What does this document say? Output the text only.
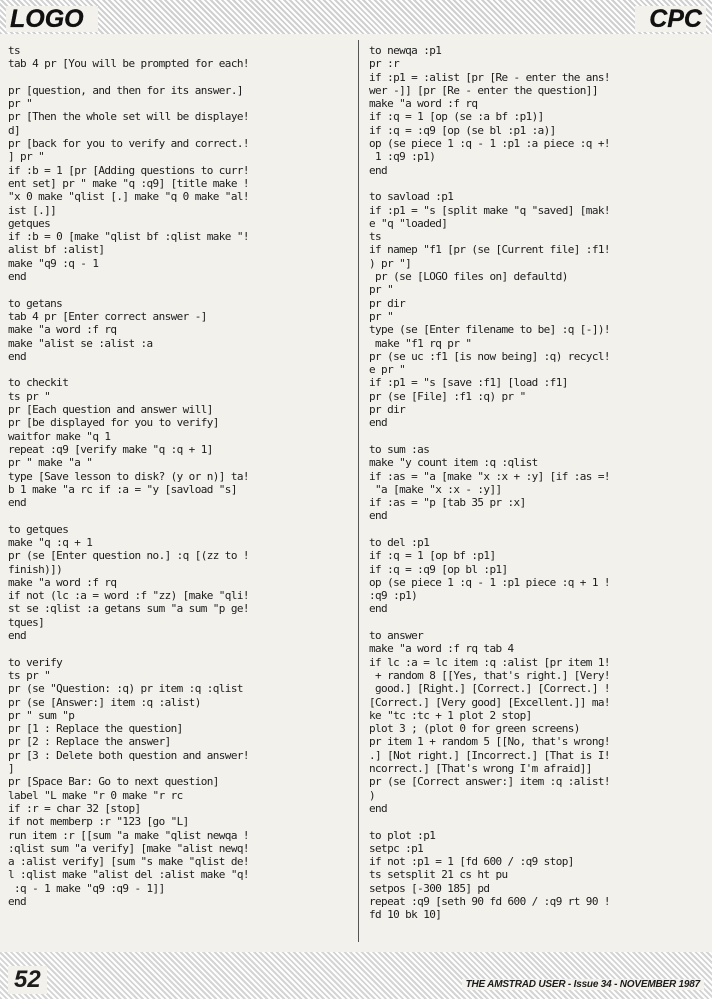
LOGO	CPC
ts
tab 4 pr [You will be prompted for each!
pr [question, and then for its answer.]
pr "
pr [Then the whole set will be displaye!
d]
pr [back for you to verify and correct.!
] pr "
if :b = 1 [pr [Adding questions to curr!
ent set] pr " make "q :q9] [title make !
"x 0 make "qlist [.] make "q 0 make "al!
ist [.]]
getques
if :b = 0 [make "qlist bf :qlist make "!
alist bf :alist]
make "q9 :q - 1
end
to getans
tab 4 pr [Enter correct answer -]
make "a word :f rq
make "alist se :alist :a
end
to checkit
ts pr "
pr [Each question and answer will]
pr [be displayed for you to verify]
waitfor make "q 1
repeat :q9 [verify make "q :q + 1]
pr " make "a "
type [Save lesson to disk? (y or n)] ta!
b 1 make "a rc if :a = "y [savload "s]
end
to getques
make "q :q + 1
pr (se [Enter question no.] :q [(zz to !
finish)])
make "a word :f rq
if not (lc :a = word :f "zz) [make "qli!
st se :qlist :a getans sum "a sum "p ge!
tques]
end
to verify
ts pr "
pr (se "Question: :q) pr item :q :qlist
pr (se [Answer:] item :q :alist)
pr " sum "p
pr [1 : Replace the question]
pr [2 : Replace the answer]
pr [3 : Delete both question and answer!
]
pr [Space Bar: Go to next question]
label "L make "r 0 make "r rc
if :r = char 32 [stop]
if not memberp :r "123 [go "L]
run item :r [[sum "a make "qlist newqa !
:qlist sum "a verify] [make "alist newq!
a :alist verify] [sum "s make "qlist de!
l :qlist make "alist del :alist make "q!
:q - 1 make "q9 :q9 - 1]]
end
to newqa :p1
pr :r
if :p1 = :alist [pr [Re - enter the ans!
wer -]] [pr [Re - enter the question]]
make "a word :f rq
if :q = 1 [op (se :a bf :p1)]
if :q = :q9 [op (se bl :p1 :a)]
op (se piece 1 :q - 1 :p1 :a piece :q +!
1 :q9 :p1)
end
to savload :p1
if :p1 = "s [split make "q "saved] [mak!
e "q "loaded]
ts
if namep "f1 [pr (se [Current file] :f1!
) pr "]
pr (se [LOGO files on] defaultd)
pr "
pr dir
pr "
type (se [Enter filename to be] :q [-])!
make "f1 rq pr "
pr (se uc :f1 [is now being] :q) recycl!
e pr "
if :p1 = "s [save :f1] [load :f1]
pr (se [File] :f1 :q) pr "
pr dir
end
to sum :as
make "y count item :q :qlist
if :as = "a [make "x :x + :y] [if :as =!
"a [make "x :x - :y]]
if :as = "p [tab 35 pr :x]
end
to del :p1
if :q = 1 [op bf :p1]
if :q = :q9 [op bl :p1]
op (se piece 1 :q - 1 :p1 piece :q + 1 !
:q9 :p1)
end
to answer
make "a word :f rq tab 4
if lc :a = lc item :q :alist [pr item 1!
+ random 8 [[Yes, that's right.] [Very!
good.] [Right.] [Correct.] [Correct.] !
[Correct.] [Very good] [Excellent.]] ma!
ke "tc :tc + 1 plot 2 stop]
plot 3 ; (plot 0 for green screens)
pr item 1 + random 5 [[No, that's wrong!
.] [Not right.] [Incorrect.] [That is I!
ncorrect.] [That's wrong I'm afraid]]
pr (se [Correct answer:] item :q :alist!
)
end
to plot :p1
setpc :p1
if not :p1 = 1 [fd 600 / :q9 stop]
ts setsplit 21 cs ht pu
setpos [-300 185] pd
repeat :q9 [seth 90 fd 600 / :q9 rt 90 !
fd 10 bk 10]
52	THE AMSTRAD USER - Issue 34 - NOVEMBER 1987
